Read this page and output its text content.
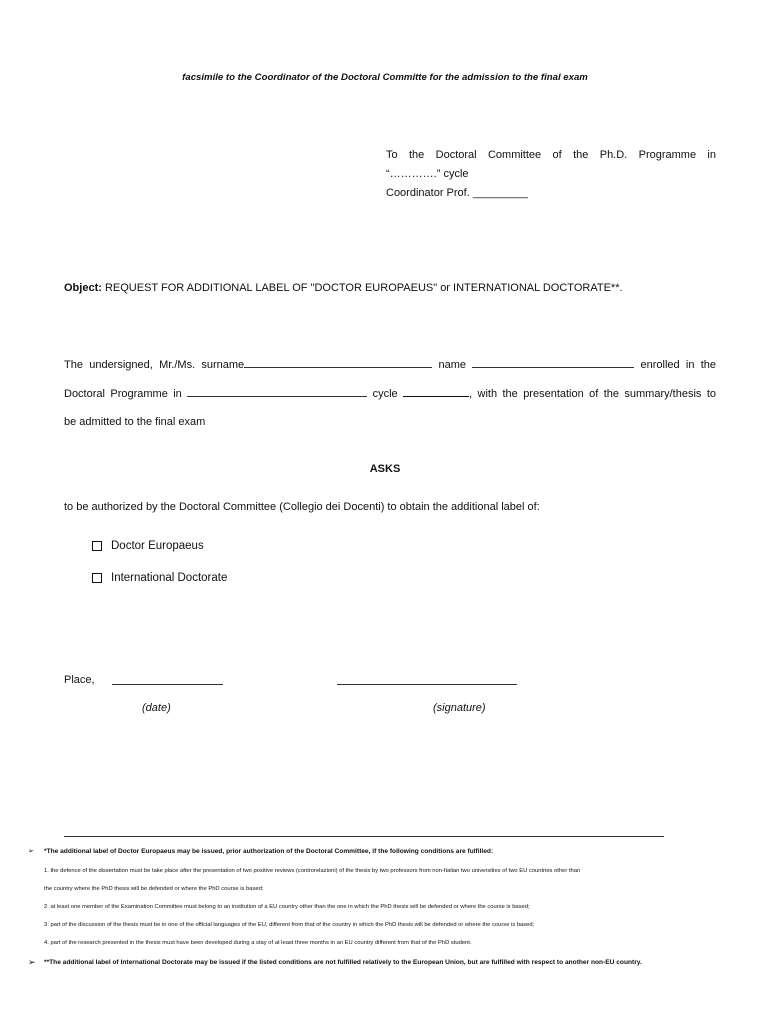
facsimile to the Coordinator of the Doctoral Committe for the admission to the final exam
To the Doctoral Committee of the Ph.D. Programme in
“………….” cycle
Coordinator Prof. _________
Object: REQUEST FOR ADDITIONAL LABEL OF "DOCTOR EUROPAEUS" or INTERNATIONAL DOCTORATE**.
The undersigned, Mr./Ms. surname	name	enrolled in the
Doctoral Programme in	cycle	, with the presentation of the summary/thesis to
be admitted to the final exam
ASKS
to be authorized by the Doctoral Committee (Collegio dei Docenti) to obtain the additional label of:
Doctor Europaeus
International Doctorate
Place,
(date)	(signature)
➢ *The additional label of Doctor Europaeus may be issued, prior authorization of the Doctoral Committee, if the following conditions are fulfilled:
1. the defence of the dissertation must be take place after the presentation of two positive reviews (controrelazioni) of the thesis by two professors from non-Italian two universities of two EU countries other than
the country where the PhD thesis will be defended or where the PhD course is based;
2. at least one member of the Examination Committee must belong to an institution of a EU country other than the one in which the PhD thesis will be defended or where the course is based;
3. part of the discussion of the thesis must be in one of the official languages of the EU, different from that of the country in which the PhD thesis will be defended or where the course is based;
4. part of the research presented in the thesis must have been developed during a stay of at least three months in an EU country different from that of the PhD student.
➢ **The additional label of International Doctorate may be issued if the listed conditions are not fulfilled relatively to the European Union, but are fulfilled with respect to another non-EU country.
